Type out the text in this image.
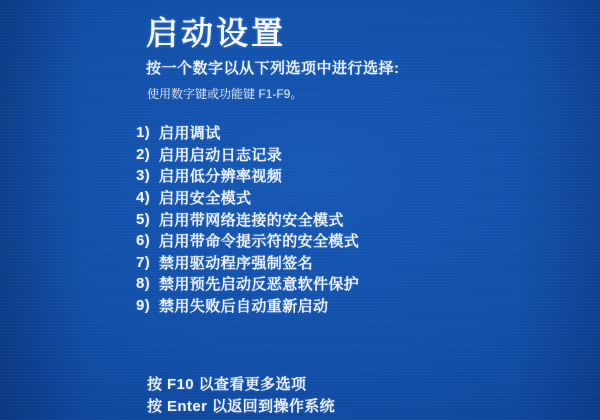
启动设置
按一个数字以从下列选项中进行选择:
使用数字键或功能键 F1-F9。
1) 启用调试
2) 启用启动日志记录
3) 启用低分辨率视频
4) 启用安全模式
5) 启用带网络连接的安全模式
6) 启用带命令提示符的安全模式
7) 禁用驱动程序强制签名
8) 禁用预先启动反恶意软件保护
9) 禁用失败后自动重新启动
按 F10 以查看更多选项
按 Enter 以返回到操作系统
